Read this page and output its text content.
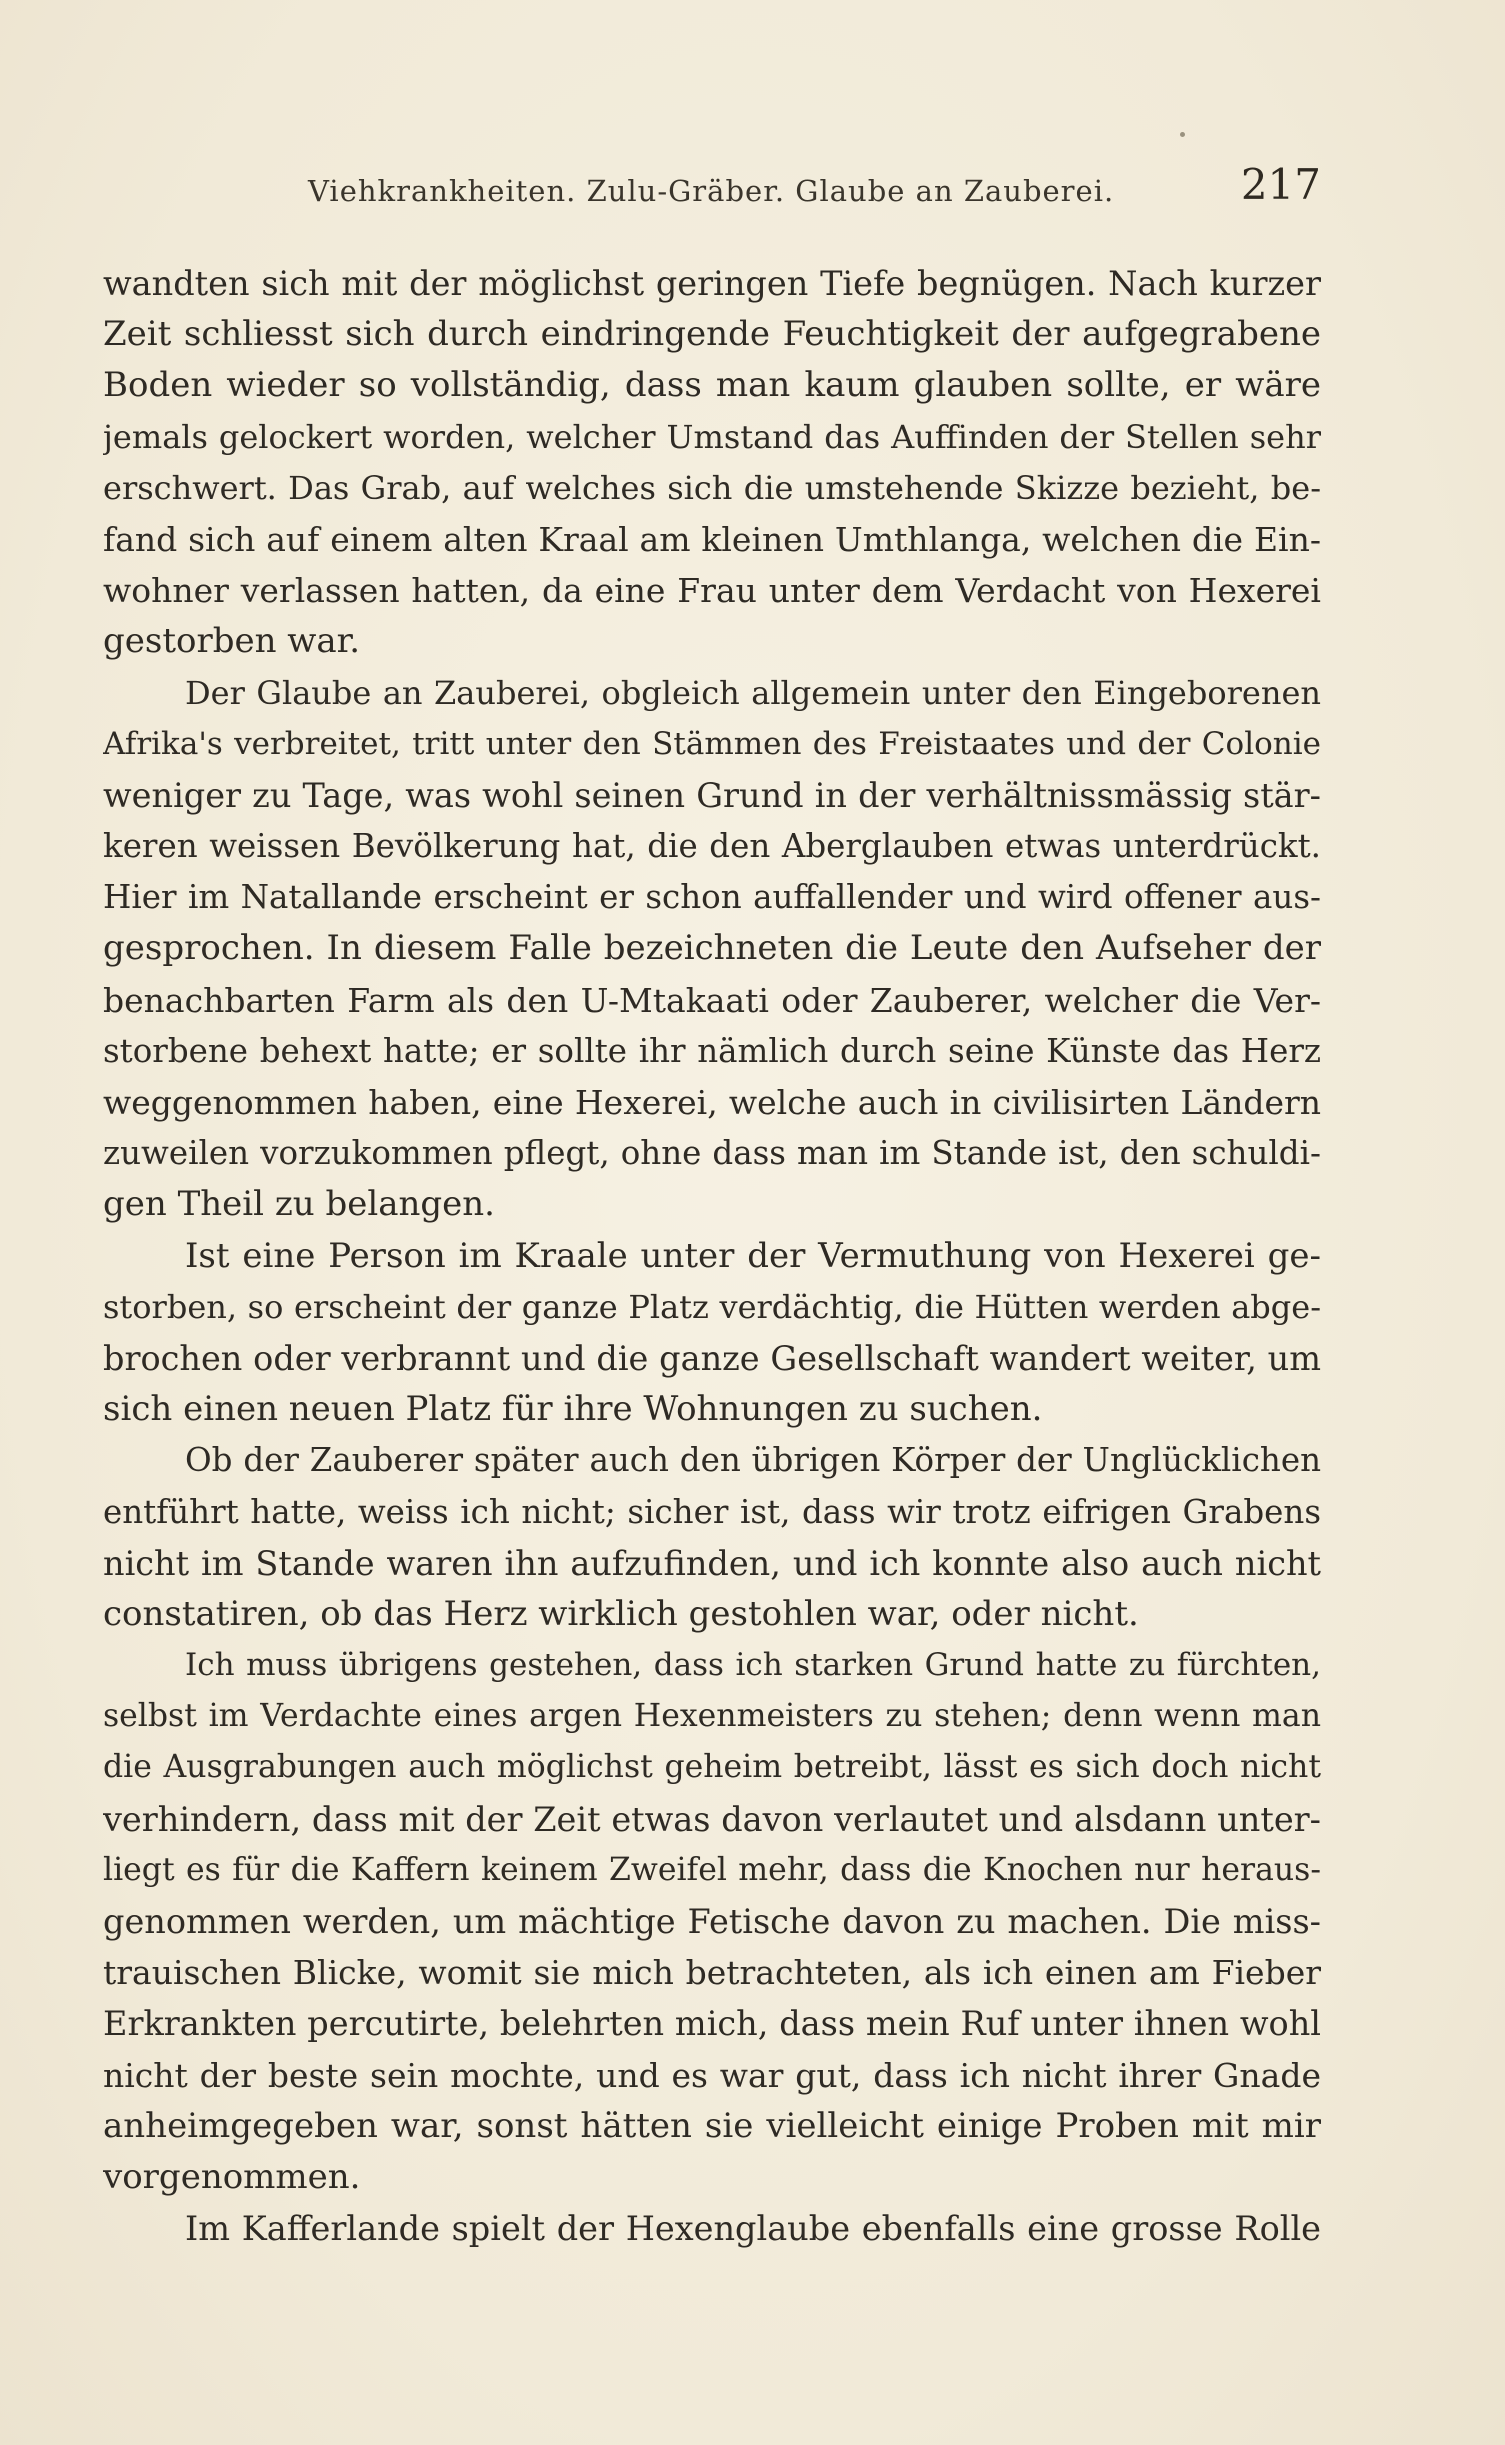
Viehkrankheiten. Zulu-Gräber. Glaube an Zauberei.	217
wandten sich mit der möglichst geringen Tiefe begnügen. Nach kurzer
Zeit schliesst sich durch eindringende Feuchtigkeit der aufgegrabene
Boden wieder so vollständig, dass man kaum glauben sollte, er wäre
jemals gelockert worden, welcher Umstand das Auffinden der Stellen sehr
erschwert. Das Grab, auf welches sich die umstehende Skizze bezieht, be-
fand sich auf einem alten Kraal am kleinen Umthlanga, welchen die Ein-
wohner verlassen hatten, da eine Frau unter dem Verdacht von Hexerei
gestorben war.
Der Glaube an Zauberei, obgleich allgemein unter den Eingeborenen
Afrika's verbreitet, tritt unter den Stämmen des Freistaates und der Colonie
weniger zu Tage, was wohl seinen Grund in der verhältnissmässig stär-
keren weissen Bevölkerung hat, die den Aberglauben etwas unterdrückt.
Hier im Natallande erscheint er schon auffallender und wird offener aus-
gesprochen. In diesem Falle bezeichneten die Leute den Aufseher der
benachbarten Farm als den U-Mtakaati oder Zauberer, welcher die Ver-
storbene behext hatte; er sollte ihr nämlich durch seine Künste das Herz
weggenommen haben, eine Hexerei, welche auch in civilisirten Ländern
zuweilen vorzukommen pflegt, ohne dass man im Stande ist, den schuldi-
gen Theil zu belangen.
Ist eine Person im Kraale unter der Vermuthung von Hexerei ge-
storben, so erscheint der ganze Platz verdächtig, die Hütten werden abge-
brochen oder verbrannt und die ganze Gesellschaft wandert weiter, um
sich einen neuen Platz für ihre Wohnungen zu suchen.
Ob der Zauberer später auch den übrigen Körper der Unglücklichen
entführt hatte, weiss ich nicht; sicher ist, dass wir trotz eifrigen Grabens
nicht im Stande waren ihn aufzufinden, und ich konnte also auch nicht
constatiren, ob das Herz wirklich gestohlen war, oder nicht.
Ich muss übrigens gestehen, dass ich starken Grund hatte zu fürchten,
selbst im Verdachte eines argen Hexenmeisters zu stehen; denn wenn man
die Ausgrabungen auch möglichst geheim betreibt, lässt es sich doch nicht
verhindern, dass mit der Zeit etwas davon verlautet und alsdann unter-
liegt es für die Kaffern keinem Zweifel mehr, dass die Knochen nur heraus-
genommen werden, um mächtige Fetische davon zu machen. Die miss-
trauischen Blicke, womit sie mich betrachteten, als ich einen am Fieber
Erkrankten percutirte, belehrten mich, dass mein Ruf unter ihnen wohl
nicht der beste sein mochte, und es war gut, dass ich nicht ihrer Gnade
anheimgegeben war, sonst hätten sie vielleicht einige Proben mit mir
vorgenommen.
Im Kafferlande spielt der Hexenglaube ebenfalls eine grosse Rolle
